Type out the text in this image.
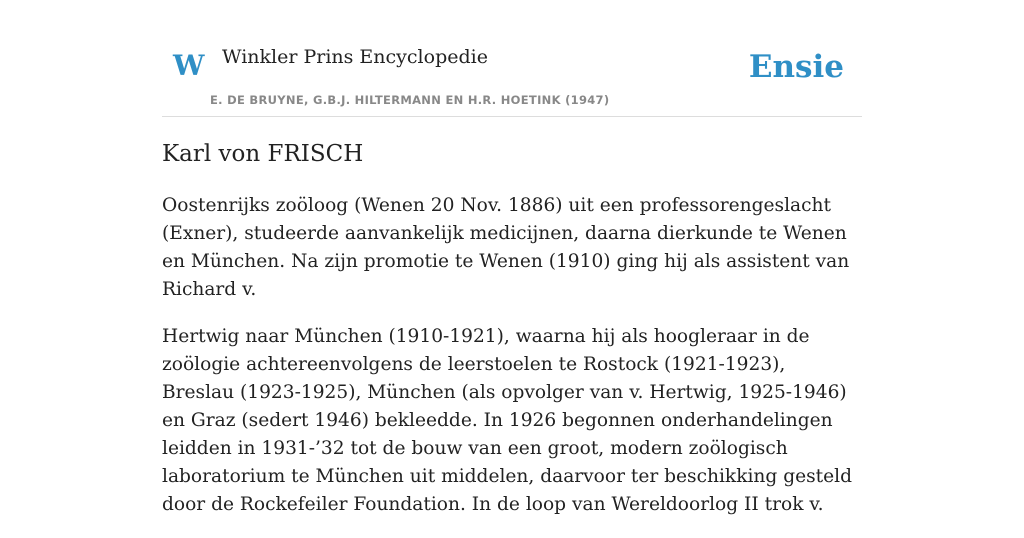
W Winkler Prins Encyclopedie
E. DE BRUYNE, G.B.J. HILTERMANN EN H.R. HOETINK (1947)
Ensie
Karl von FRISCH

Oostenrijks zoöloog (Wenen 20 Nov. 1886) uit een professorengeslacht (Exner), studeerde aanvankelijk medicijnen, daarna dierkunde te Wenen en München. Na zijn promotie te Wenen (1910) ging hij als assistent van Richard v.

Hertwig naar München (1910-1921), waarna hij als hoogleraar in de zoölogie achtereenvolgens de leerstoelen te Rostock (1921-1923), Breslau (1923-1925), München (als opvolger van v. Hertwig, 1925-1946) en Graz (sedert 1946) bekleedde. In 1926 begonnen onderhandelingen leidden in 1931-’32 tot de bouw van een groot, modern zoölogisch laboratorium te München uit middelen, daarvoor ter beschikking gesteld door de Rockefeiler Foundation. In de loop van Wereldoorlog II trok v.
